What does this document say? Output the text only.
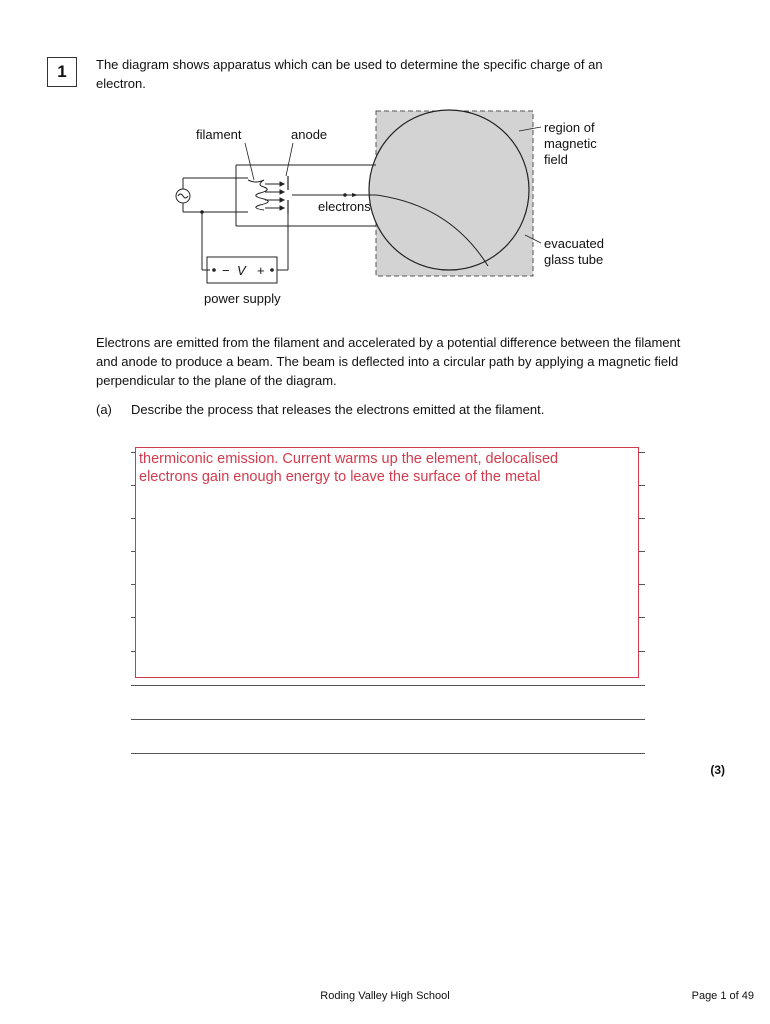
1	The diagram shows apparatus which can be used to determine the specific charge of an electron.
filament	anode
electrons
region of
magnetic
field
evacuated
glass tube
− V +
power supply
Electrons are emitted from the filament and accelerated by a potential difference between the filament and anode to produce a beam. The beam is deflected into a circular path by applying a magnetic field perpendicular to the plane of the diagram.
(a) Describe the process that releases the electrons emitted at the filament.
thermiconic emission. Current warms up the element, delocalised electrons gain enough energy to leave the surface of the metal
(3)
Roding Valley High School	Page 1 of 49
